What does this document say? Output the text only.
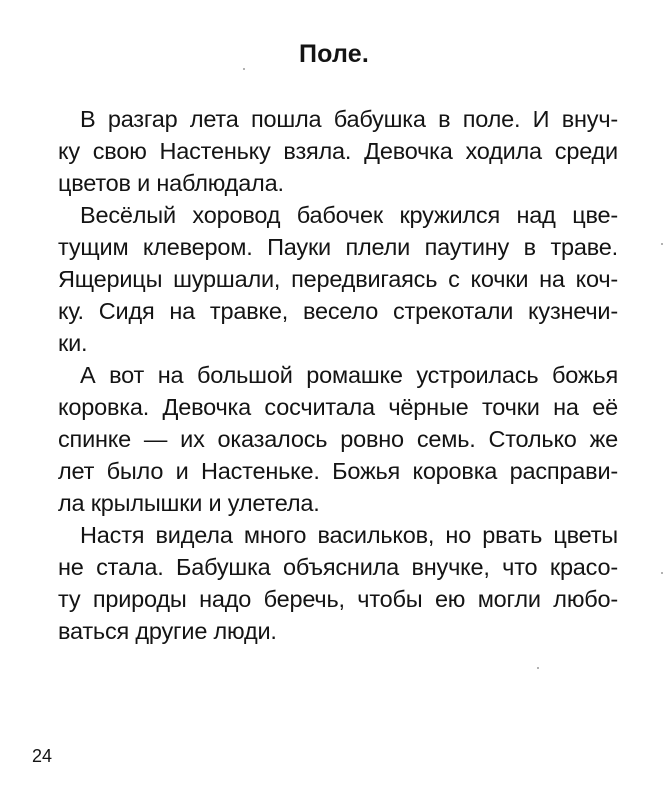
Поле.

В разгар лета пошла бабушка в поле. И внуч-
ку свою Настеньку взяла. Девочка ходила среди
цветов и наблюдала.

Весёлый хоровод бабочек кружился над цве-
тущим клевером. Пауки плели паутину в траве.
Ящерицы шуршали, передвигаясь с кочки на коч-
ку. Сидя на травке, весело стрекотали кузнечи-
ки.

А вот на большой ромашке устроилась божья
коровка. Девочка сосчитала чёрные точки на её
спинке — их оказалось ровно семь. Столько же
лет было и Настеньке. Божья коровка расправи-
ла крылышки и улетела.

Настя видела много васильков, но рвать цветы
не стала. Бабушка объяснила внучке, что красо-
ту природы надо беречь, чтобы ею могли любо-
ваться другие люди.

24
